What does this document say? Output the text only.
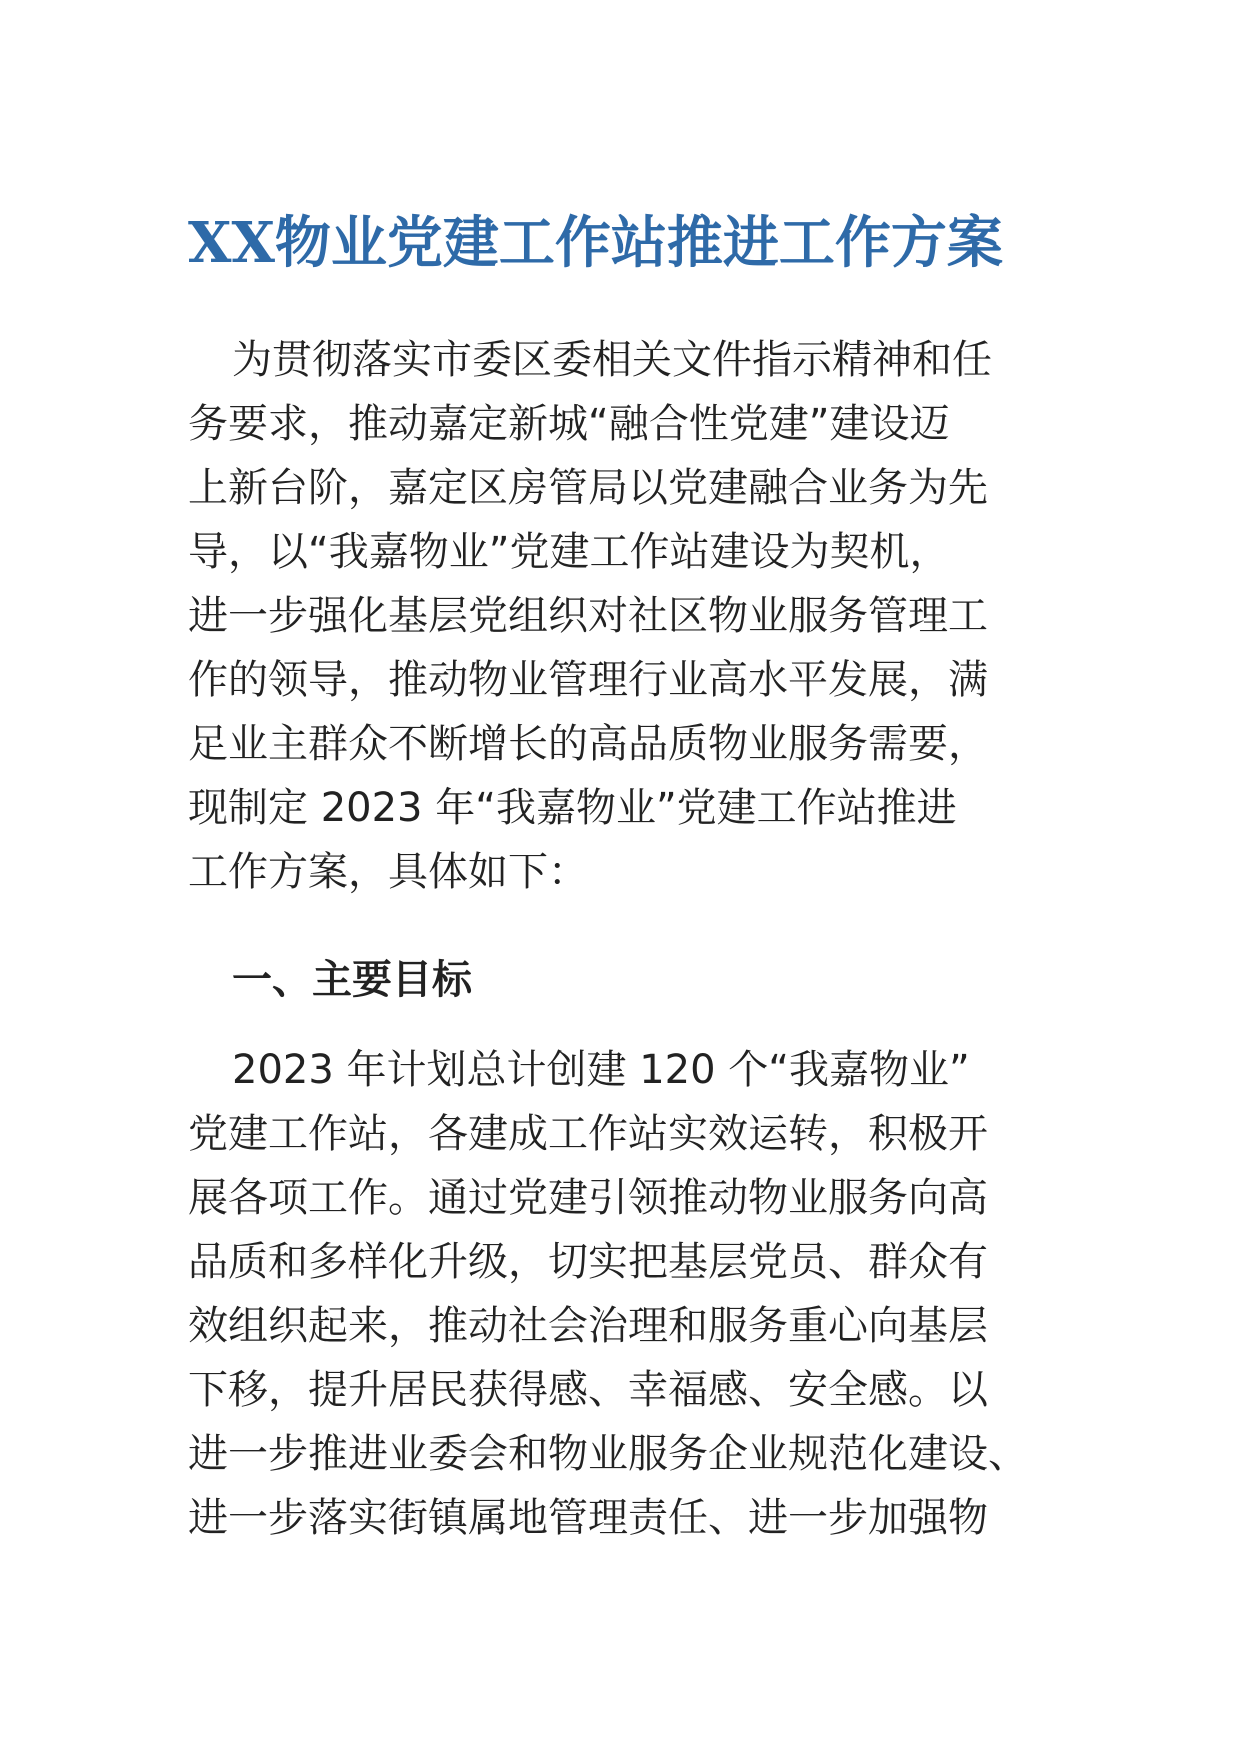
XX物业党建工作站推进工作方案
为贯彻落实市委区委相关文件指示精神和任
务要求，推动嘉定新城“融合性党建”建设迈
上新台阶，嘉定区房管局以党建融合业务为先
导，以“我嘉物业”党建工作站建设为契机，
进一步强化基层党组织对社区物业服务管理工
作的领导，推动物业管理行业高水平发展，满
足业主群众不断增长的高品质物业服务需要，
现制定 2023 年“我嘉物业”党建工作站推进
工作方案，具体如下：
一、主要目标
2023 年计划总计创建 120 个“我嘉物业”
党建工作站，各建成工作站实效运转，积极开
展各项工作。通过党建引领推动物业服务向高
品质和多样化升级，切实把基层党员、群众有
效组织起来，推动社会治理和服务重心向基层
下移，提升居民获得感、幸福感、安全感。以
进一步推进业委会和物业服务企业规范化建设、
进一步落实街镇属地管理责任、进一步加强物
